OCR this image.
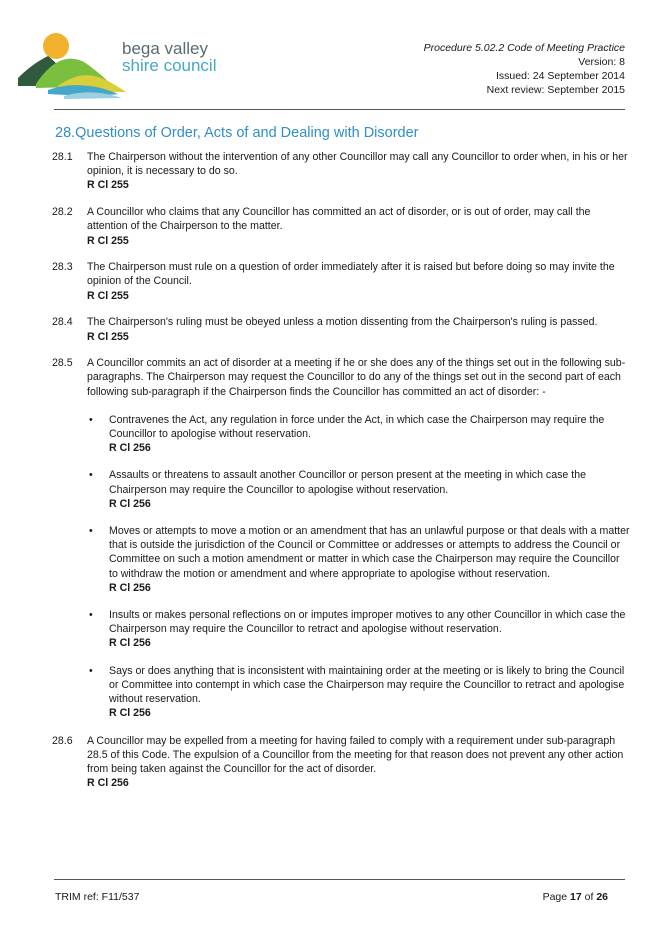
bega valley
shire council
Procedure 5.02.2 Code of Meeting Practice
Version: 8
Issued: 24 September 2014
Next review: September 2015
28.Questions of Order, Acts of and Dealing with Disorder
28.1 The Chairperson without the intervention of any other Councillor may call any Councillor to order when, in his or her opinion, it is necessary to do so.
R Cl 255
28.2 A Councillor who claims that any Councillor has committed an act of disorder, or is out of order, may call the attention of the Chairperson to the matter.
R Cl 255
28.3 The Chairperson must rule on a question of order immediately after it is raised but before doing so may invite the opinion of the Council.
R Cl 255
28.4 The Chairperson's ruling must be obeyed unless a motion dissenting from the Chairperson's ruling is passed.
R Cl 255
28.5 A Councillor commits an act of disorder at a meeting if he or she does any of the things set out in the following sub-paragraphs. The Chairperson may request the Councillor to do any of the things set out in the second part of each following sub-paragraph if the Chairperson finds the Councillor has committed an act of disorder: -
• Contravenes the Act, any regulation in force under the Act, in which case the Chairperson may require the Councillor to apologise without reservation.
R Cl 256
• Assaults or threatens to assault another Councillor or person present at the meeting in which case the Chairperson may require the Councillor to apologise without reservation.
R Cl 256
• Moves or attempts to move a motion or an amendment that has an unlawful purpose or that deals with a matter that is outside the jurisdiction of the Council or Committee or addresses or attempts to address the Council or Committee on such a motion amendment or matter in which case the Chairperson may require the Councillor to withdraw the motion or amendment and where appropriate to apologise without reservation.
R Cl 256
• Insults or makes personal reflections on or imputes improper motives to any other Councillor in which case the Chairperson may require the Councillor to retract and apologise without reservation.
R Cl 256
• Says or does anything that is inconsistent with maintaining order at the meeting or is likely to bring the Council or Committee into contempt in which case the Chairperson may require the Councillor to retract and apologise without reservation.
R Cl 256
28.6 A Councillor may be expelled from a meeting for having failed to comply with a requirement under sub-paragraph 28.5 of this Code. The expulsion of a Councillor from the meeting for that reason does not prevent any other action from being taken against the Councillor for the act of disorder.
R Cl 256
TRIM ref: F11/537	Page 17 of 26
